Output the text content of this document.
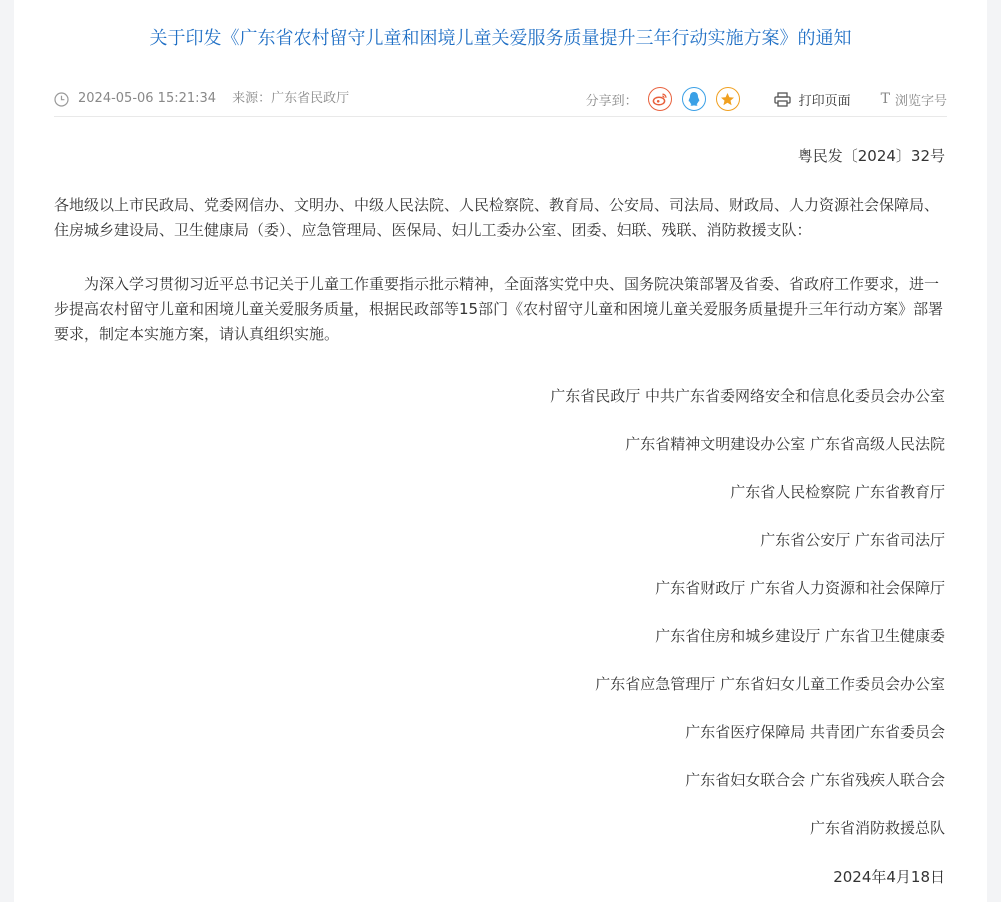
关于印发《广东省农村留守儿童和困境儿童关爱服务质量提升三年行动实施方案》的通知
2024-05-06 15:21:34 来源：广东省民政厅	分享到：	打印页面 T 浏览字号
粤民发〔2024〕32号
各地级以上市民政局、党委网信办、文明办、中级人民法院、人民检察院、教育局、公安局、司法局、财政局、人力资源社会保障局、住房城乡建设局、卫生健康局（委）、应急管理局、医保局、妇儿工委办公室、团委、妇联、残联、消防救援支队：
为深入学习贯彻习近平总书记关于儿童工作重要指示批示精神，全面落实党中央、国务院决策部署及省委、省政府工作要求，进一步提高农村留守儿童和困境儿童关爱服务质量，根据民政部等15部门《农村留守儿童和困境儿童关爱服务质量提升三年行动方案》部署要求，制定本实施方案，请认真组织实施。
广东省民政厅 中共广东省委网络安全和信息化委员会办公室
广东省精神文明建设办公室 广东省高级人民法院
广东省人民检察院 广东省教育厅
广东省公安厅 广东省司法厅
广东省财政厅 广东省人力资源和社会保障厅
广东省住房和城乡建设厅 广东省卫生健康委
广东省应急管理厅 广东省妇女儿童工作委员会办公室
广东省医疗保障局 共青团广东省委员会
广东省妇女联合会 广东省残疾人联合会
广东省消防救援总队
2024年4月18日
